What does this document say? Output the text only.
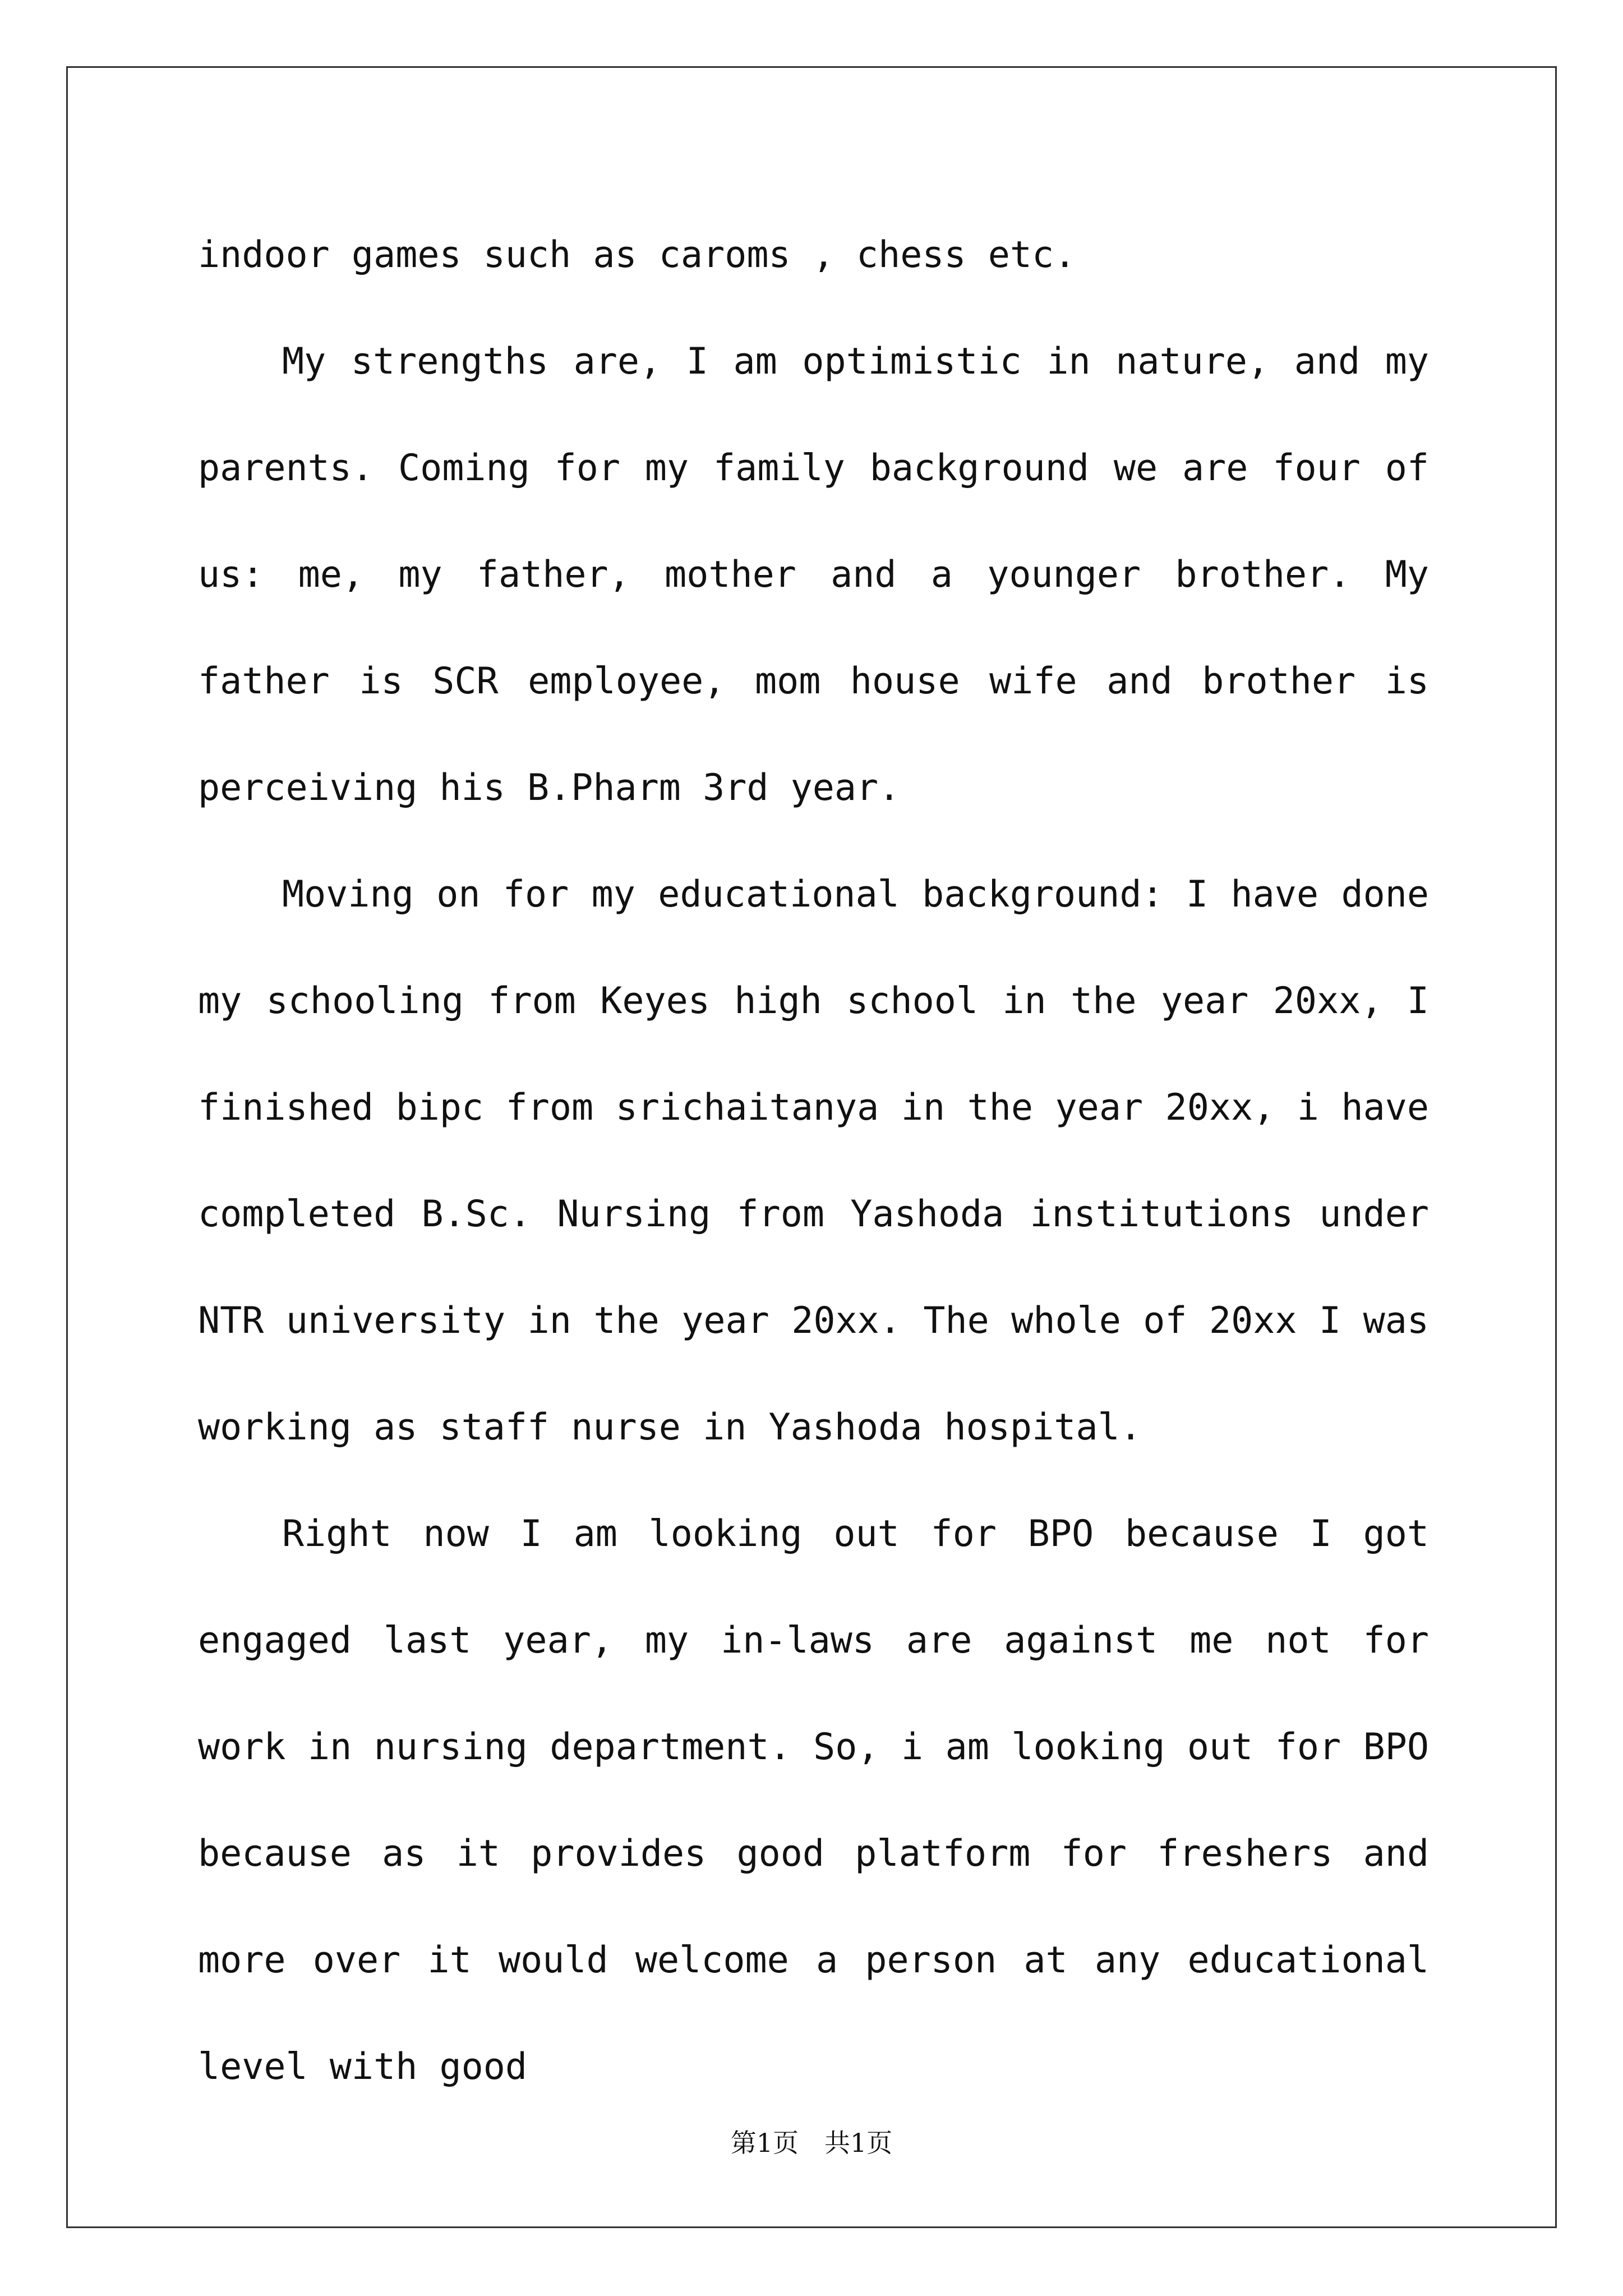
indoor games such as caroms , chess etc.

My strengths are, I am optimistic in nature, and my parents. Coming for my family background we are four of us: me, my father, mother and a younger brother. My father is SCR employee, mom house wife and brother is perceiving his B.Pharm 3rd year.

Moving on for my educational background: I have done my schooling from Keyes high school in the year 20xx, I finished bipc from srichaitanya in the year 20xx, i have completed B.Sc. Nursing from Yashoda institutions under NTR university in the year 20xx. The whole of 20xx I was working as staff nurse in Yashoda hospital.

Right now I am looking out for BPO because I got engaged last year, my in-laws are against me not for work in nursing department. So, i am looking out for BPO because as it provides good platform for freshers and more over it would welcome a person at any educational level with good

第1页　共1页
